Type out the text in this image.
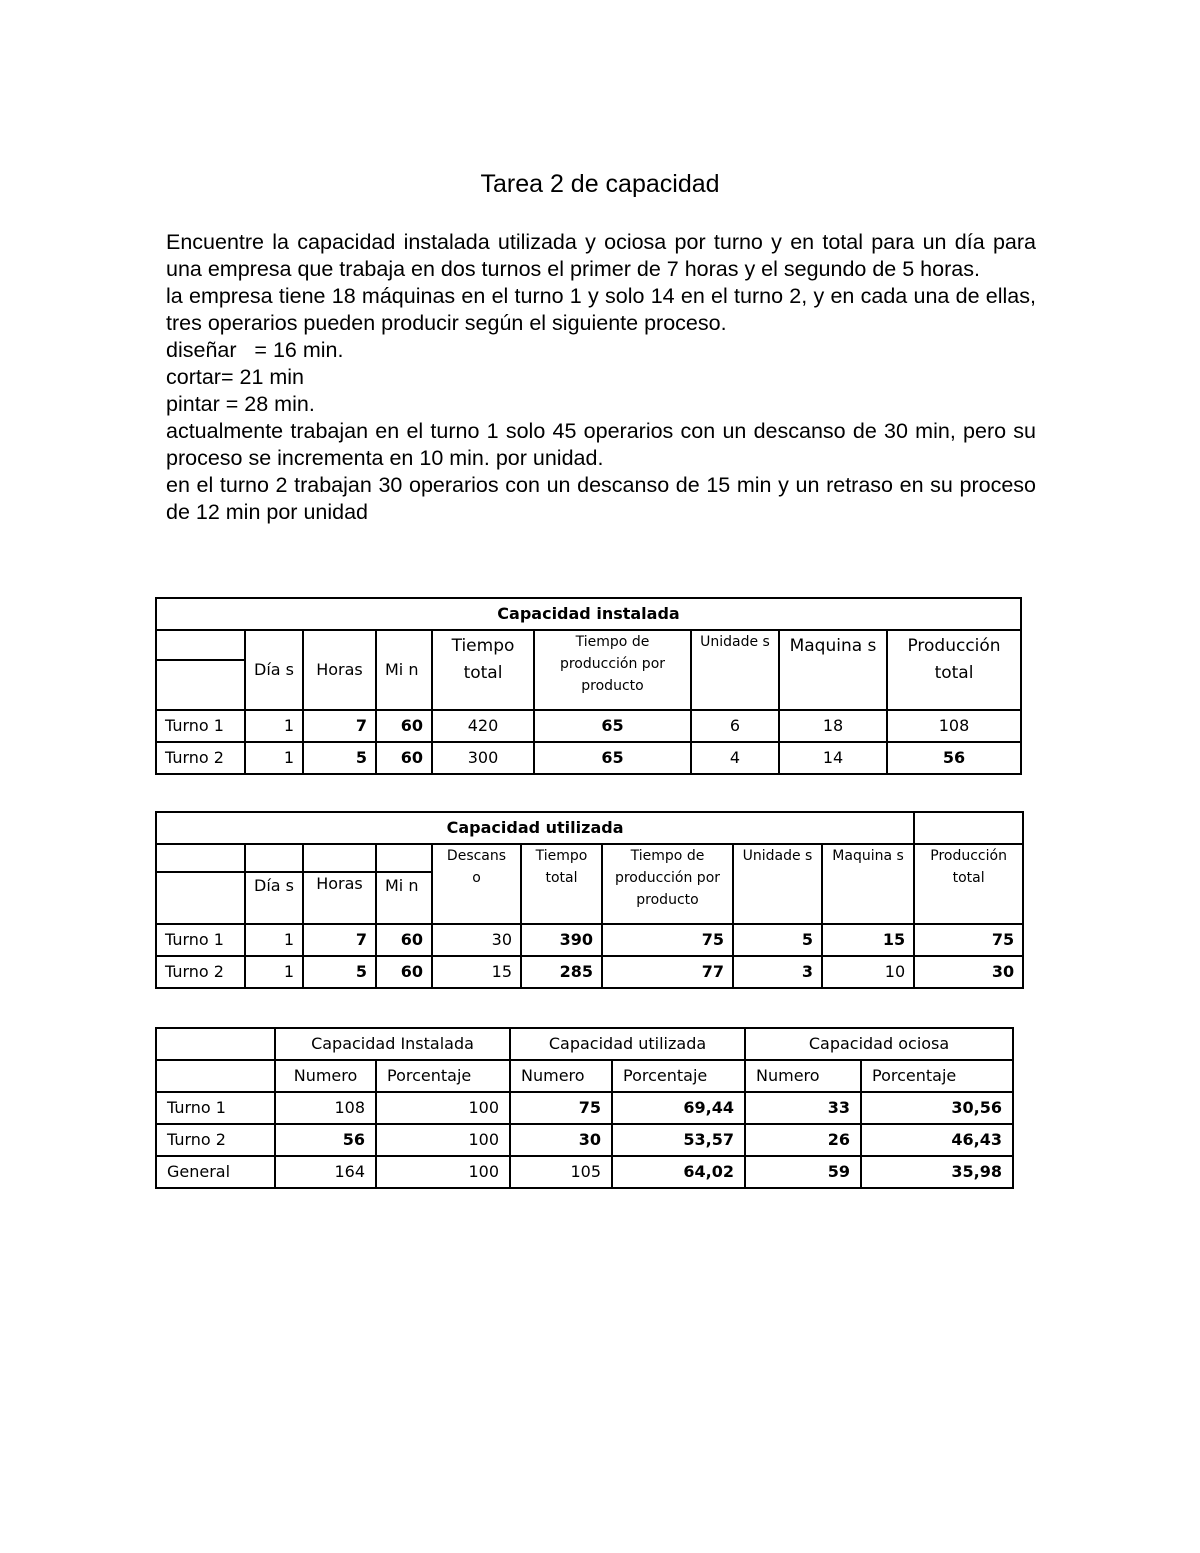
Tarea 2 de capacidad

Encuentre la capacidad instalada utilizada y ociosa por turno y en total para un día para una empresa que trabaja en dos turnos el primer de 7 horas y el segundo de 5 horas.

la empresa tiene 18 máquinas en el turno 1 y solo 14 en el turno 2, y en cada una de ellas, tres operarios pueden producir según el siguiente proceso.

diseñar   = 16 min.

cortar= 21 min

pintar = 28 min.

actualmente trabajan en el turno 1 solo 45 operarios con un descanso de 30 min, pero su proceso se incrementa en 10 min. por unidad.

en el turno 2 trabajan 30 operarios con un descanso de 15 min y un retraso en su proceso de 12 min por unidad

Capacidad instalada								
	Día s	Horas	Mi n	Tiempo total	Tiempo de producción por producto	Unidade s	Maquina s	Producción total

Turno 1	1	7	60	420	65	6	18	108
Turno 2	1	5	60	300	65	4	14	56
Capacidad utilizada									
				Descans o	Tiempo total	Tiempo de producción por producto	Unidade s	Maquina s	Producción total
	Día s	Horas	Mi n						
Turno 1	1	7	60	30	390	75	5	15	75
Turno 2	1	5	60	15	285	77	3	10	30
	Capacidad Instalada		Capacidad utilizada		Capacidad ociosa	
	Numero	Porcentaje	Numero	Porcentaje	Numero	Porcentaje
Turno 1	108	100	75	69,44	33	30,56
Turno 2	56	100	30	53,57	26	46,43
General	164	100	105	64,02	59	35,98
